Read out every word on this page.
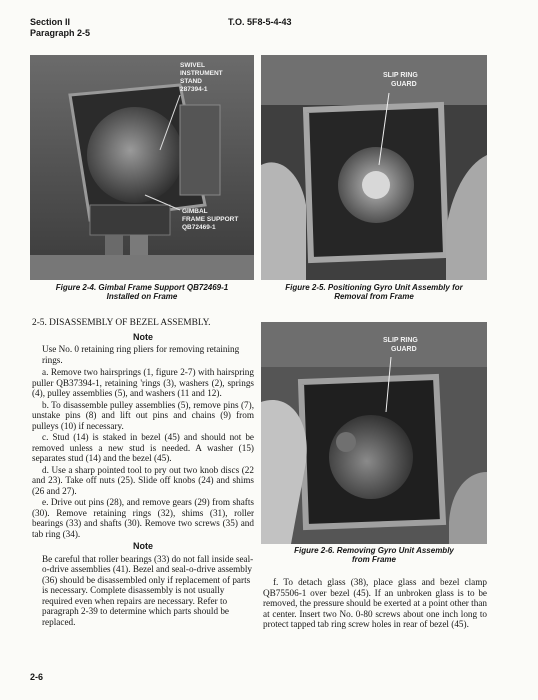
Section II
Paragraph 2-5
T.O. 5F8-5-4-43
SWIVEL
INSTRUMENT
STAND
287394-1
GIMBAL
FRAME SUPPORT
QB72469-1
Figure 2-4. Gimbal Frame Support QB72469-1
Installed on Frame
SLIP RING
GUARD
Figure 2-5. Positioning Gyro Unit Assembly for
Removal from Frame
SLIP RING
GUARD
Figure 2-6. Removing Gyro Unit Assembly
from Frame
2-5. DISASSEMBLY OF BEZEL ASSEMBLY.
Note

Use No. 0 retaining ring pliers for removing retaining rings.

a. Remove two hairsprings (1, figure 2-7) with hairspring puller QB37394-1, retaining 'rings (3), washers (2), springs (4), pulley assemblies (5), and washers (11 and 12).

b. To disassemble pulley assemblies (5), remove pins (7), unstake pins (8) and lift out pins and chains (9) from pulleys (10) if necessary.

c. Stud (14) is staked in bezel (45) and should not be removed unless a new stud is needed. A washer (15) separates stud (14) and the bezel (45).

d. Use a sharp pointed tool to pry out two knob discs (22 and 23). Take off nuts (25). Slide off knobs (24) and shims (26 and 27).

e. Drive out pins (28), and remove gears (29) from shafts (30). Remove retaining rings (32), shims (31), roller bearings (33) and shafts (30). Remove two screws (35) and tab ring (34).

Note

Be careful that roller bearings (33) do not fall inside seal-o-drive assemblies (41). Bezel and seal-o-drive assembly (36) should be disassembled only if replacement of parts is necessary. Complete disassembly is not usually required even when repairs are necessary. Refer to paragraph 2-39 to determine which parts should be replaced.

f. To detach glass (38), place glass and bezel clamp QB75506-1 over bezel (45). If an unbroken glass is to be removed, the pressure should be exerted at a point other than at center. Insert two No. 0-80 screws about one inch long to protect tapped tab ring screw holes in rear of bezel (45).

2-6
